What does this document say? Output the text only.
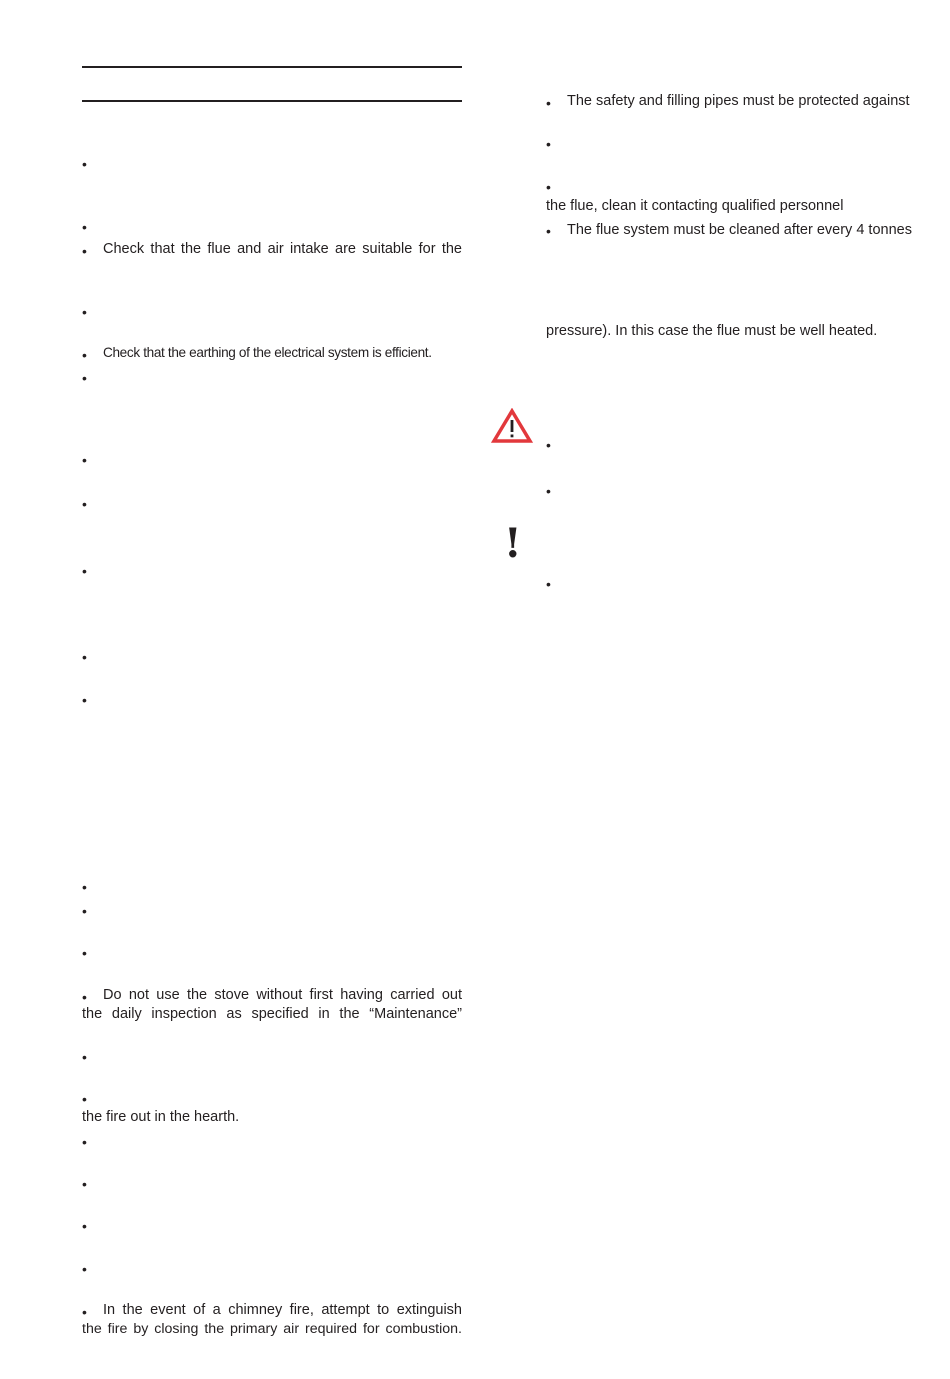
•
•
• Check that the flue and air intake are suitable for the
•
• Check that the earthing of the electrical system is efficient.
•
•
•
•
•
•
•
•
•
• Do not use the stove without first having carried out
the daily inspection as specified in the “Maintenance”
•
•
the fire out in the hearth.
•
•
•
•
• In the event of a chimney fire, attempt to extinguish
the fire by closing the primary air required for combustion.
• The safety and filling pipes must be protected against
•
•
the flue, clean it contacting qualified personnel
• The flue system must be cleaned after every 4 tonnes
pressure). In this case the flue must be well heated.
•
•
!
•
